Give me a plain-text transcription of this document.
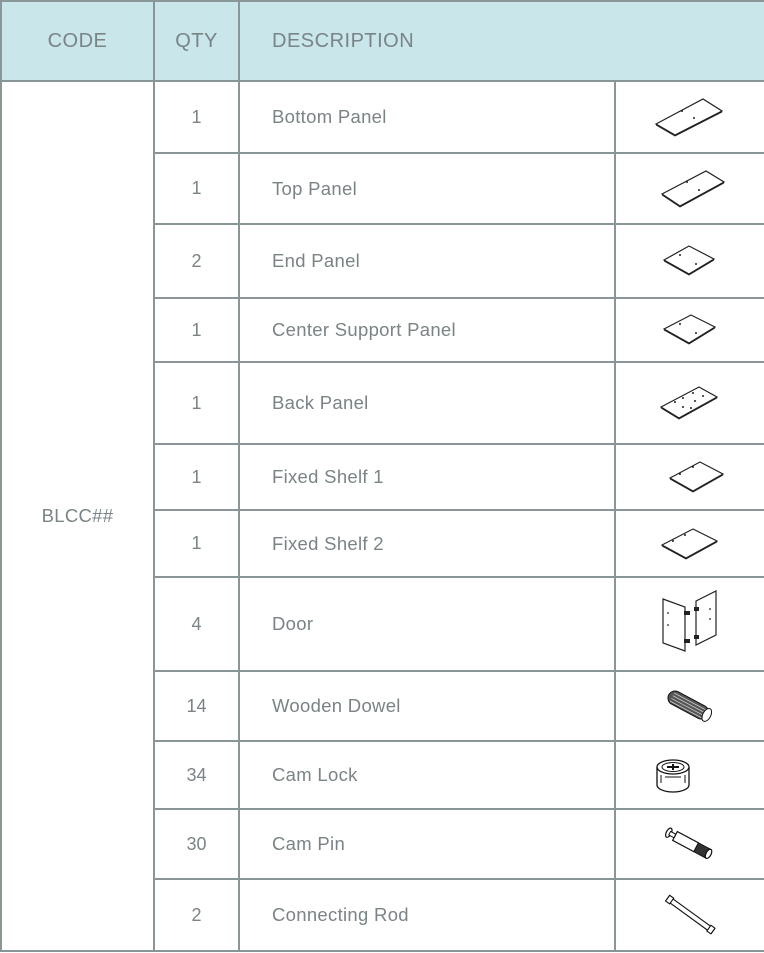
CODE	QTY	DESCRIPTION	
BLCC##	1	Bottom Panel	
	1	Top Panel	
	2	End Panel	
	1	Center Support Panel	
	1	Back Panel	
	1	Fixed Shelf 1	
	1	Fixed Shelf 2	
	4	Door	
	14	Wooden Dowel	
	34	Cam Lock	
	30	Cam Pin	
	2	Connecting Rod	
